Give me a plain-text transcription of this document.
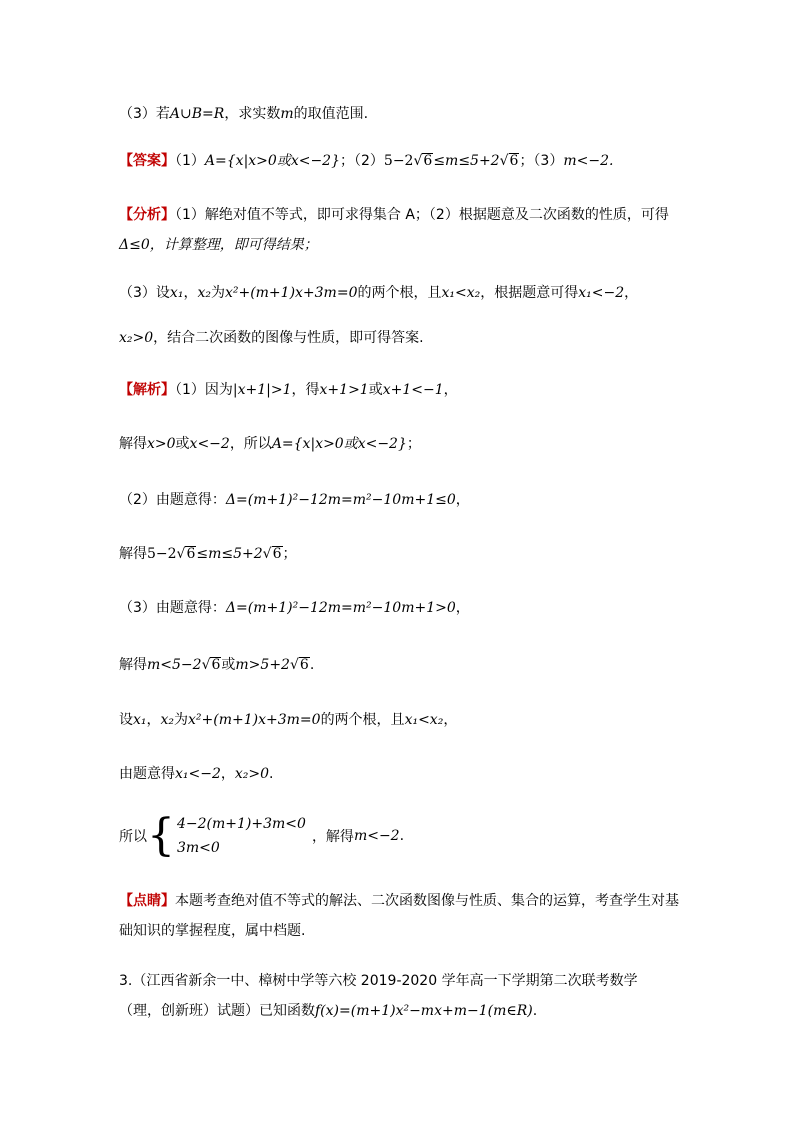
（3）若A∪B=R，求实数m的取值范围.
【答案】（1）A={x|x>0或x<−2}；（2）5−2√6≤m≤5+2√6；（3）m<−2.
【分析】（1）解绝对值不等式，即可求得集合 A；（2）根据题意及二次函数的性质，可得
Δ≤0，计算整理，即可得结果；
（3）设x₁，x₂为x²+(m+1)x+3m=0的两个根，且x₁<x₂，根据题意可得x₁<−2，
x₂>0，结合二次函数的图像与性质，即可得答案.
【解析】（1）因为|x+1|>1，得x+1>1或x+1<−1，
解得x>0或x<−2，所以A={x|x>0或x<−2}；
（2）由题意得：Δ=(m+1)²−12m=m²−10m+1≤0，
解得5−2√6≤m≤5+2√6；
（3）由题意得：Δ=(m+1)²−12m=m²−10m+1>0，
解得m<5−2√6或m>5+2√6.
设x₁，x₂为x²+(m+1)x+3m=0的两个根，且x₁<x₂，
由题意得x₁<−2，x₂>0.
所以 { 4−2(m+1)+3m<0
3m<0
，解得 m<−2 .
【点睛】本题考查绝对值不等式的解法、二次函数图像与性质、集合的运算，考查学生对基础知识的掌握程度，属中档题.
3.（江西省新余一中、樟树中学等六校 2019-2020 学年高一下学期第二次联考数学（理，创新班）试题）已知函数f(x)=(m+1)x²−mx+m−1(m∈R).
